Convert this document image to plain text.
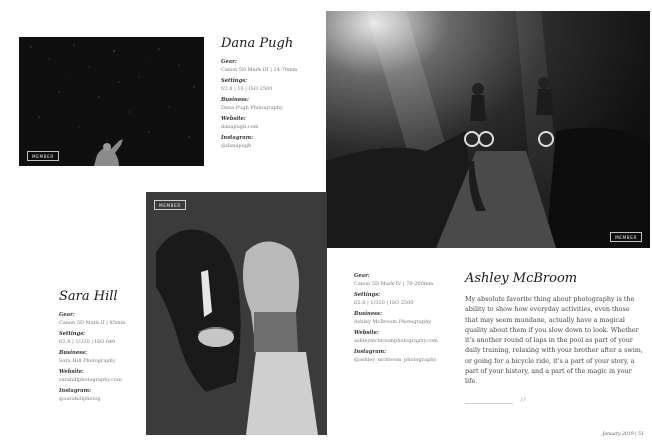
MEMBER
Dana Pugh
Gear:
Canon 5D Mark III | 24-70mm
Settings:
f/2.8 | 10 | ISO 2500
Business:
Dana Pugh Photography
Website:
danapugh.com
Instagram:
@danapugh
MEMBER
MEMBER
Sara Hill
Gear:
Canon 5D Mark II | 85mm
Settings:
f/2.8 | 1/320 | ISO 640
Business:
Sara Hill Photography
Website:
sarahillphotography.com
Instagram:
@sarahillphotog
Gear:
Canon 5D Mark IV | 70-200mm
Settings:
f/2.8 | 1/320 | ISO 2500
Business:
Ashley McBroom Photography
Website:
ashleymcbroomphotography.com
Instagram:
@ashley_mcbroom_photography
Ashley McBroom

My absolute favorite thing about photography is the ability to show how everyday activities, even those that may seem mundane, actually have a magical quality about them if you slow down to look. Whether it's another round of laps in the pool as part of your daily training, relaxing with your brother after a swim, or going for a bicycle ride, it's a part of your story, a part of your history, and a part of the magic in your life.

”
January 2019 | 51
